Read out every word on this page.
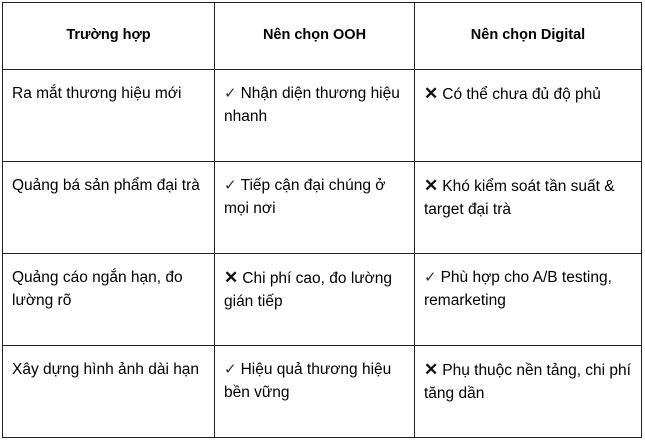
Trường hợp	Nên chọn OOH	Nên chọn Digital

Ra mắt thương hiệu mới	✓ Nhận diện thương hiệu nhanh	✕ Có thể chưa đủ độ phủ

Quảng bá sản phẩm đại trà	✓ Tiếp cận đại chúng ở mọi nơi	✕ Khó kiểm soát tần suất & target đại trà

Quảng cáo ngắn hạn, đo lường rõ	✕ Chi phí cao, đo lường gián tiếp	✓ Phù hợp cho A/B testing, remarketing

Xây dựng hình ảnh dài hạn	✓ Hiệu quả thương hiệu bền vững	✕ Phụ thuộc nền tảng, chi phí tăng dần
